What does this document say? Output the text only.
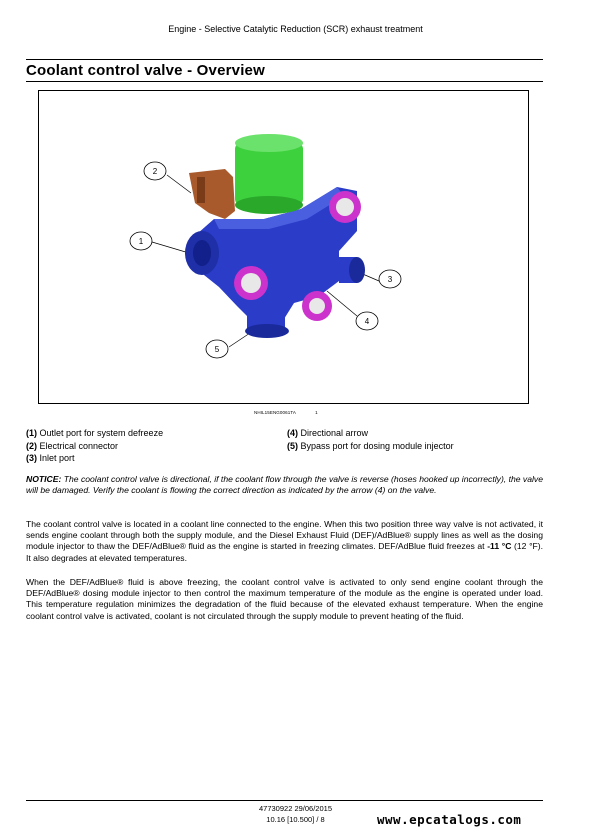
Engine - Selective Catalytic Reduction (SCR) exhaust treatment
Coolant control valve - Overview
2
1
3
4
5
NHIL15ENG0061TA	1
(1) Outlet port for system defreeze
(2) Electrical connector
(3) Inlet port
(4) Directional arrow
(5) Bypass port for dosing module injector
NOTICE: The coolant control valve is directional, if the coolant flow through the valve is reverse (hoses hooked up incorrectly), the valve will be damaged. Verify the coolant is flowing the correct direction as indicated by the arrow (4) on the valve.
The coolant control valve is located in a coolant line connected to the engine. When this two position three way valve is not activated, it sends engine coolant through both the supply module, and the Diesel Exhaust Fluid (DEF)/AdBlue® supply lines as well as the dosing module injector to thaw the DEF/AdBlue® fluid as the engine is started in freezing climates. DEF/AdBlue fluid freezes at -11 °C (12 °F). It also degrades at elevated temperatures.
When the DEF/AdBlue® fluid is above freezing, the coolant control valve is activated to only send engine coolant through the DEF/AdBlue® dosing module injector to then control the maximum temperature of the module as the engine is operated under load. This temperature regulation minimizes the degradation of the fluid because of the elevated exhaust temperature. When the engine coolant control valve is activated, coolant is not circulated through the supply module to prevent heating of the fluid.
47730922 29/06/2015
10.16 [10.500] / 8	www.epcatalogs.com
